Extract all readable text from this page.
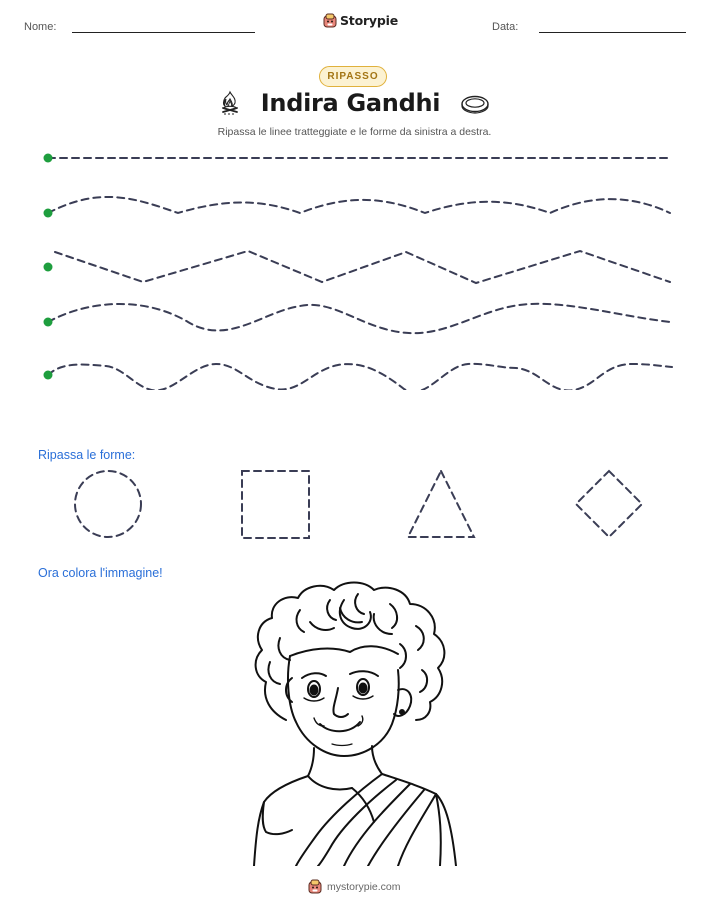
Nome:	Storypie	Data:
RIPASSO
Indira Gandhi
Ripassa le linee tratteggiate e le forme da sinistra a destra.
Ripassa le forme:
Ora colora l'immagine!
mystorypie.com
